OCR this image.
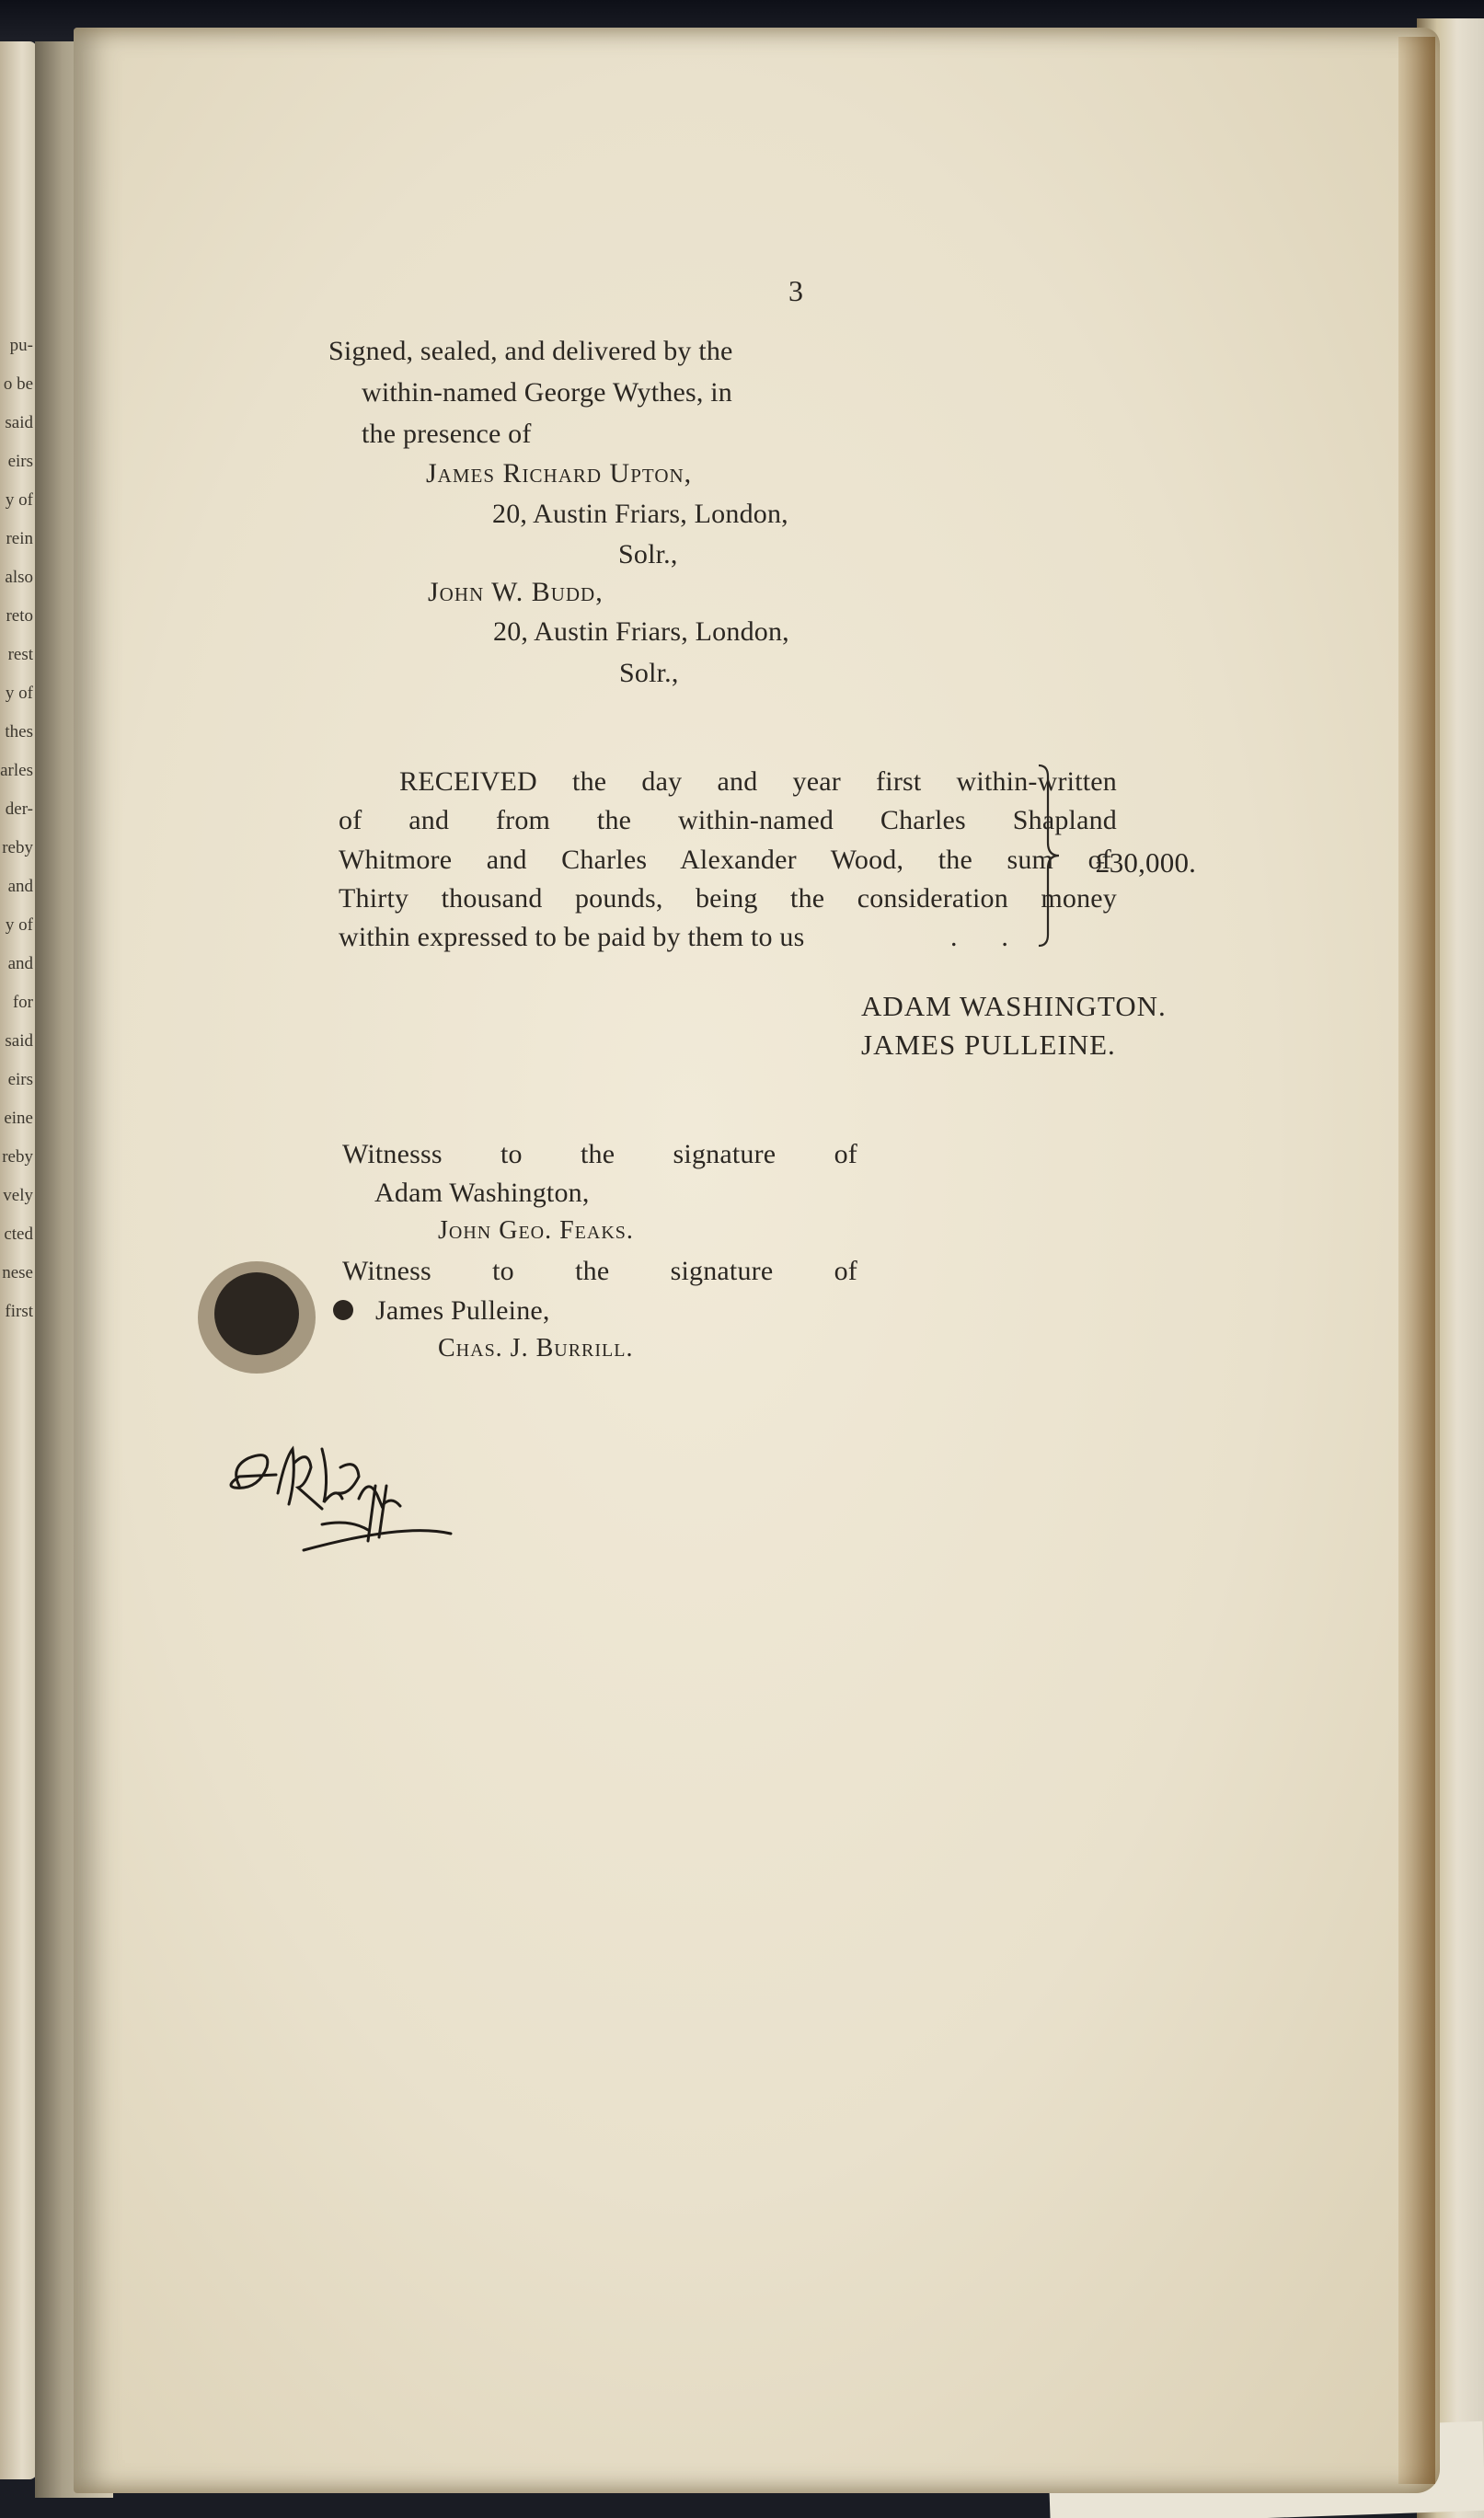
pu-
o be
said
eirs
y of
rein
also
reto
rest
y of
thes
arles
der-
reby
and
y of
and
for
said
eirs
eine
reby
vely
cted
nese
first
3
Signed, sealed, and delivered by the
within-named George Wythes, in
the presence of
James Richard Upton,
20, Austin Friars, London,
Solr.,
John W. Budd,
20, Austin Friars, London,
Solr.,
RECEIVED the day and year first within-written
of and from the within-named Charles Shapland
Whitmore and Charles Alexander Wood, the sum of
Thirty thousand pounds, being the consideration money
within expressed to be paid by them to us	. .
£30,000.
ADAM WASHINGTON.
JAMES PULLEINE.
Witnesss to the signature of
Adam Washington,
John Geo. Feaks.
Witness to the signature of
James Pulleine,
Chas. J. Burrill.
